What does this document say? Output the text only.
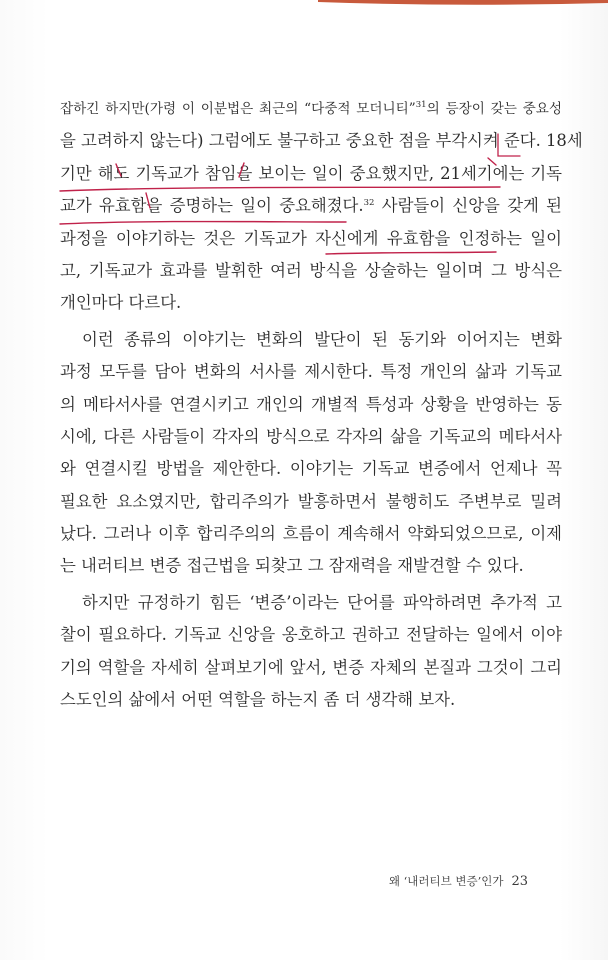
잡하긴 하지만(가령 이 이분법은 최근의 “다중적 모더니티”$^{31}$의 등장이 갖는 중요성
을 고려하지 않는다) 그럼에도 불구하고 중요한 점을 부각시켜 준다. 18세
기만 해도 기독교가 참임을 보이는 일이 중요했지만, 21세기에는 기독
교가 유효함을 증명하는 일이 중요해졌다.$^{32}$ 사람들이 신앙을 갖게 된
과정을 이야기하는 것은 기독교가 자신에게 유효함을 인정하는 일이
고, 기독교가 효과를 발휘한 여러 방식을 상술하는 일이며 그 방식은
개인마다 다르다.
이런 종류의 이야기는 변화의 발단이 된 동기와 이어지는 변화
과정 모두를 담아 변화의 서사를 제시한다. 특정 개인의 삶과 기독교
의 메타서사를 연결시키고 개인의 개별적 특성과 상황을 반영하는 동
시에, 다른 사람들이 각자의 방식으로 각자의 삶을 기독교의 메타서사
와 연결시킬 방법을 제안한다. 이야기는 기독교 변증에서 언제나 꼭
필요한 요소였지만, 합리주의가 발흥하면서 불행히도 주변부로 밀려
났다. 그러나 이후 합리주의의 흐름이 계속해서 약화되었으므로, 이제
는 내러티브 변증 접근법을 되찾고 그 잠재력을 재발견할 수 있다.
하지만 규정하기 힘든 ‘변증’이라는 단어를 파악하려면 추가적 고
찰이 필요하다. 기독교 신앙을 옹호하고 권하고 전달하는 일에서 이야
기의 역할을 자세히 살펴보기에 앞서, 변증 자체의 본질과 그것이 그리
스도인의 삶에서 어떤 역할을 하는지 좀 더 생각해 보자.
왜 ‘내러티브 변증’인가 23
